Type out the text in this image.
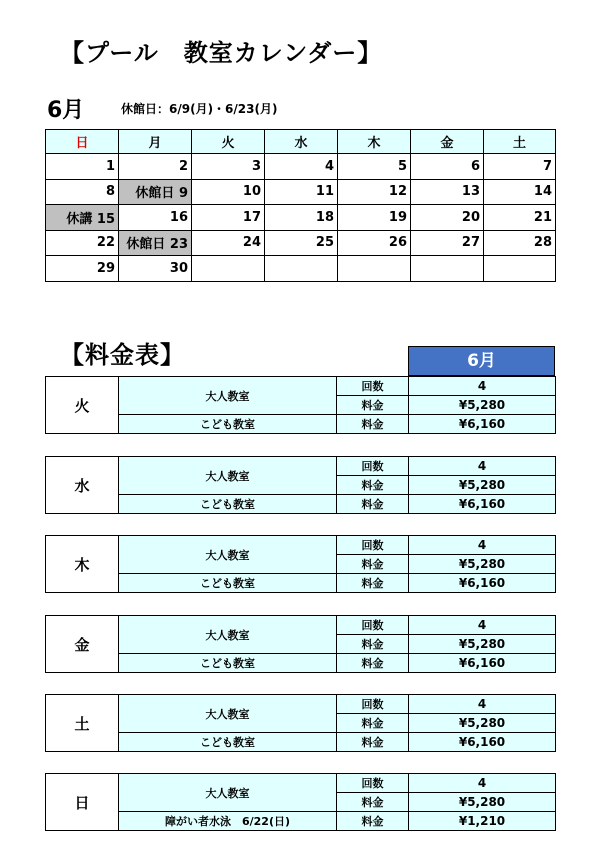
【プール　教室カレンダー】
6月	休館日：6/9(月)・6/23(月)
日	月	火	水	木	金	土
1	2	3	4	5	6	7
8	休館日 9	10	11	12	13	14
休講 15	16	17	18	19	20	21
22	休館日 23	24	25	26	27	28
29	30					
【料金表】	6月
火	大人教室	回数	4
		料金	¥5,280
	こども教室	料金	¥6,160
水	大人教室	回数	4
		料金	¥5,280
	こども教室	料金	¥6,160
木	大人教室	回数	4
		料金	¥5,280
	こども教室	料金	¥6,160
金	大人教室	回数	4
		料金	¥5,280
	こども教室	料金	¥6,160
土	大人教室	回数	4
		料金	¥5,280
	こども教室	料金	¥6,160
日	大人教室	回数	4
		料金	¥5,280
	障がい者水泳　6/22(日)	料金	¥1,210
